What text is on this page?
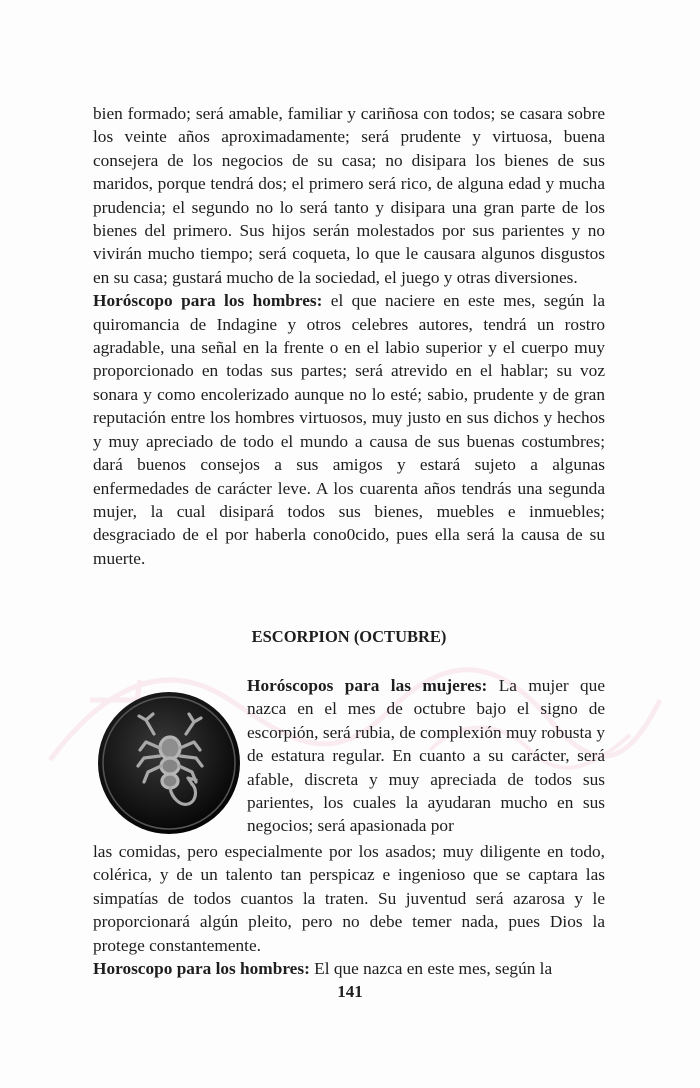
bien formado; será amable, familiar y cariñosa con todos; se casara sobre los veinte años aproximadamente; será prudente y virtuosa, buena consejera de los negocios de su casa; no disipara los bienes de sus maridos, porque tendrá dos; el primero será rico, de alguna edad y mucha prudencia; el segundo no lo será tanto y disipara una gran parte de los bienes del primero. Sus hijos serán molestados por sus parientes y no vivirán mucho tiempo; será coqueta, lo que le causara algunos disgustos en su casa; gustará mucho de la sociedad, el juego y otras diversiones.

Horóscopo para los hombres: el que naciere en este mes, según la quiromancia de Indagine y otros celebres autores, tendrá un rostro agradable, una señal en la frente o en el labio superior y el cuerpo muy proporcionado en todas sus partes; será atrevido en el hablar; su voz sonara y como encolerizado aunque no lo esté; sabio, prudente y de gran reputación entre los hombres virtuosos, muy justo en sus dichos y hechos y muy apreciado de todo el mundo a causa de sus buenas costumbres; dará buenos consejos a sus amigos y estará sujeto a algunas enfermedades de carácter leve. A los cuarenta años tendrás una segunda mujer, la cual disipará todos sus bienes, muebles e inmuebles; desgraciado de el por haberla cono0cido, pues ella será la causa de su muerte.

ESCORPION (OCTUBRE)

Horóscopos para las mujeres: La mujer que nazca en el mes de octubre bajo el signo de escorpión, será rubia, de complexión muy robusta y de estatura regular. En cuanto a su carácter, será afable, discreta y muy apreciada de todos sus parientes, los cuales la ayudaran mucho en sus negocios; será apasionada por

las comidas, pero especialmente por los asados; muy diligente en todo, colérica, y de un talento tan perspicaz e ingenioso que se captara las simpatías de todos cuantos la traten. Su juventud será azarosa y le proporcionará algún pleito, pero no debe temer nada, pues Dios la protege constantemente.

Horoscopo para los hombres: El que nazca en este mes, según la

141
